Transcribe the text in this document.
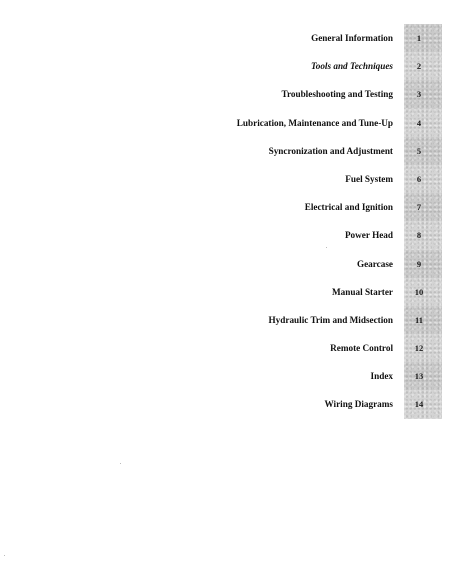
General Information	1
Tools and Techniques	2
Troubleshooting and Testing	3
Lubrication, Maintenance and Tune-Up	4
Syncronization and Adjustment	5
Fuel System	6
Electrical and Ignition	7
Power Head	8
Gearcase	9
Manual Starter	10
Hydraulic Trim and Midsection	11
Remote Control	12
Index	13
Wiring Diagrams	14
